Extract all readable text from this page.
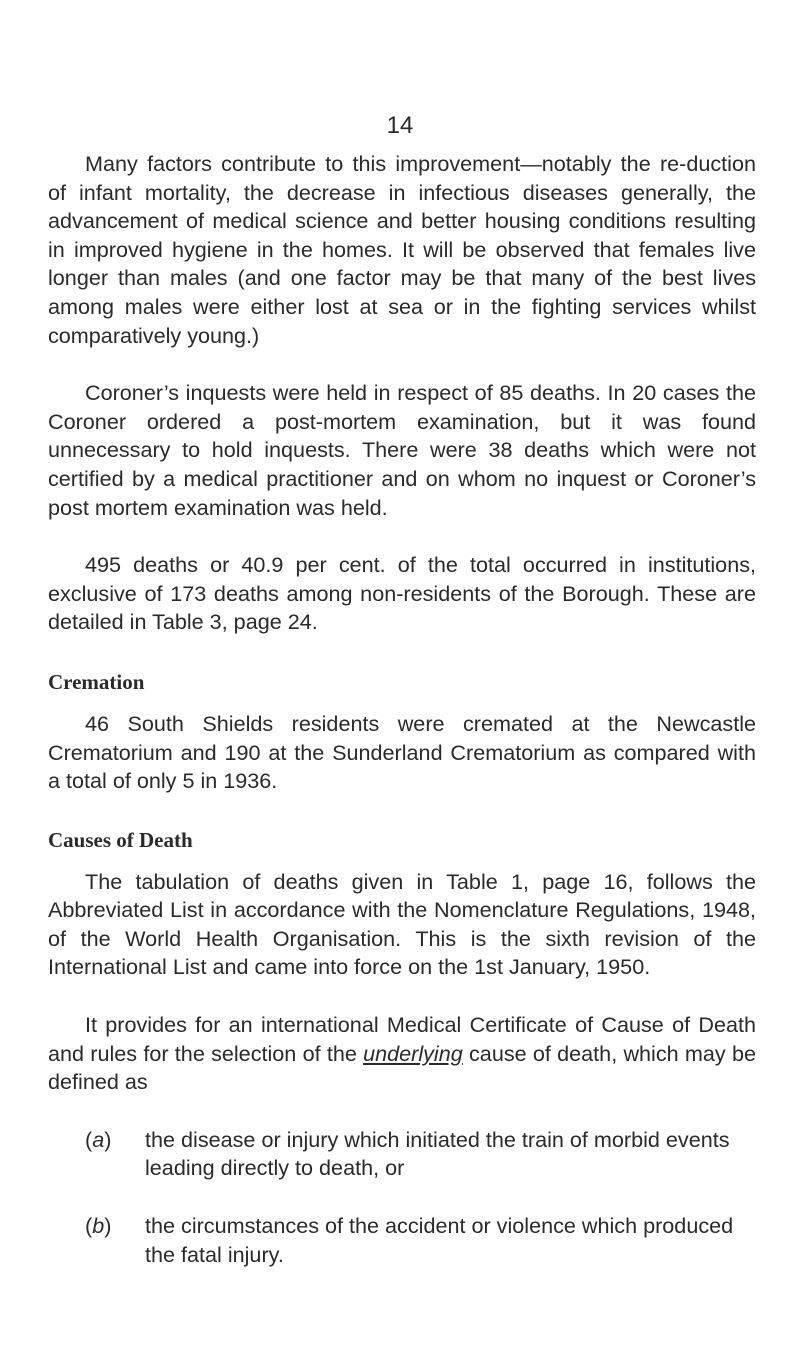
14

Many factors contribute to this improvement—notably the re-duction of infant mortality, the decrease in infectious diseases generally, the advancement of medical science and better housing conditions resulting in improved hygiene in the homes. It will be observed that females live longer than males (and one factor may be that many of the best lives among males were either lost at sea or in the fighting services whilst comparatively young.)

Coroner’s inquests were held in respect of 85 deaths. In 20 cases the Coroner ordered a post-mortem examination, but it was found unnecessary to hold inquests. There were 38 deaths which were not certified by a medical practitioner and on whom no inquest or Coroner’s post mortem examination was held.

495 deaths or 40.9 per cent. of the total occurred in institutions, exclusive of 173 deaths among non-residents of the Borough. These are detailed in Table 3, page 24.

Cremation

46 South Shields residents were cremated at the Newcastle Crematorium and 190 at the Sunderland Crematorium as compared with a total of only 5 in 1936.

Causes of Death

The tabulation of deaths given in Table 1, page 16, follows the Abbreviated List in accordance with the Nomenclature Regulations, 1948, of the World Health Organisation. This is the sixth revision of the International List and came into force on the 1st January, 1950.

It provides for an international Medical Certificate of Cause of Death and rules for the selection of the underlying cause of death, which may be defined as

(a) the disease or injury which initiated the train of morbid events leading directly to death, or
(b) the circumstances of the accident or violence which produced the fatal injury.
